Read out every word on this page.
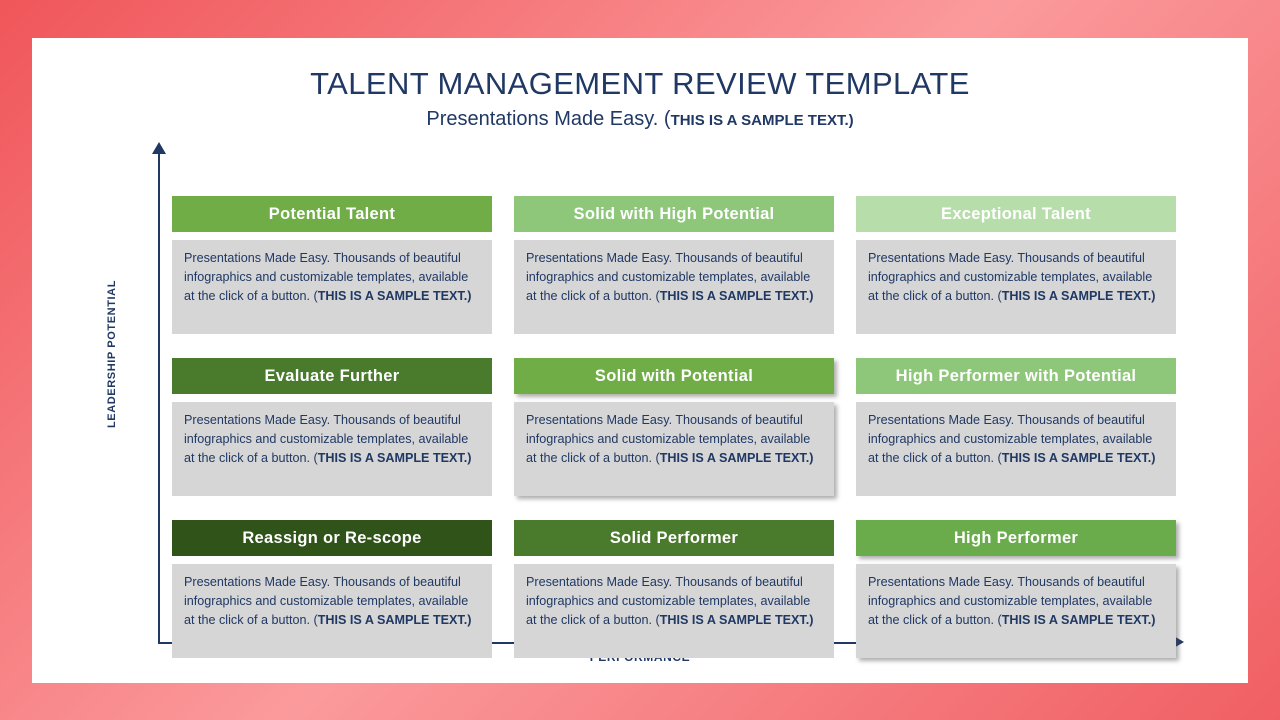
TALENT MANAGEMENT REVIEW TEMPLATE
Presentations Made Easy. (THIS IS A SAMPLE TEXT.)
LEADERSHIP POTENTIAL
Potential Talent
Presentations Made Easy. Thousands of beautiful infographics and customizable templates, available at the click of a button. (THIS IS A SAMPLE TEXT.)
Solid with High Potential
Presentations Made Easy. Thousands of beautiful infographics and customizable templates, available at the click of a button. (THIS IS A SAMPLE TEXT.)
Exceptional Talent
Presentations Made Easy. Thousands of beautiful infographics and customizable templates, available at the click of a button. (THIS IS A SAMPLE TEXT.)
Evaluate Further
Presentations Made Easy. Thousands of beautiful infographics and customizable templates, available at the click of a button. (THIS IS A SAMPLE TEXT.)
Solid with Potential
Presentations Made Easy. Thousands of beautiful infographics and customizable templates, available at the click of a button. (THIS IS A SAMPLE TEXT.)
High Performer with Potential
Presentations Made Easy. Thousands of beautiful infographics and customizable templates, available at the click of a button. (THIS IS A SAMPLE TEXT.)
Reassign or Re-scope
Presentations Made Easy. Thousands of beautiful infographics and customizable templates, available at the click of a button. (THIS IS A SAMPLE TEXT.)
Solid Performer
Presentations Made Easy. Thousands of beautiful infographics and customizable templates, available at the click of a button. (THIS IS A SAMPLE TEXT.)
High Performer
Presentations Made Easy. Thousands of beautiful infographics and customizable templates, available at the click of a button. (THIS IS A SAMPLE TEXT.)
